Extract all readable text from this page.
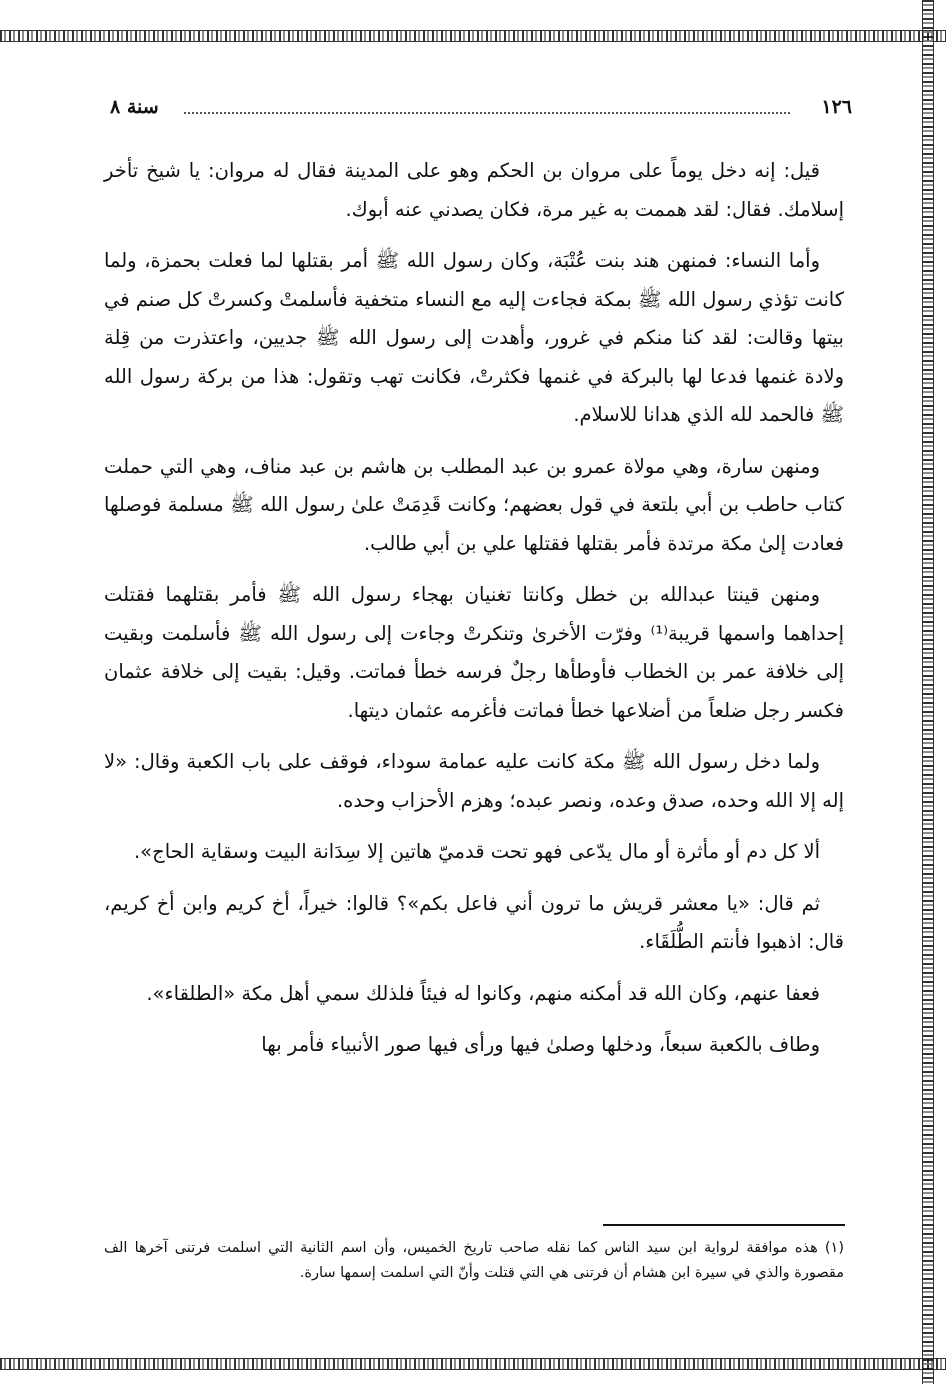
١٢٦
سنة ٨

قيل: إنه دخل يوماً على مروان بن الحكم وهو على المدينة فقال له مروان: يا شيخ تأخر إسلامك. فقال: لقد هممت به غير مرة، فكان يصدني عنه أبوك.

وأما النساء: فمنهن هند بنت عُتْبَة، وكان رسول الله ﷺ أمر بقتلها لما فعلت بحمزة، ولما كانت تؤذي رسول الله ﷺ بمكة فجاءت إليه مع النساء متخفية فأسلمتْ وكسرتْ كل صنم في بيتها وقالت: لقد كنا منكم في غرور، وأهدت إلى رسول الله ﷺ جديين، واعتذرت من قِلة ولادة غنمها فدعا لها بالبركة في غنمها فكثرتْ، فكانت تهب وتقول: هذا من بركة رسول الله ﷺ فالحمد لله الذي هدانا للاسلام.

ومنهن سارة، وهي مولاة عمرو بن عبد المطلب بن هاشم بن عبد مناف، وهي التي حملت كتاب حاطب بن أبي بلتعة في قول بعضهم؛ وكانت قَدِمَتْ علىٰ رسول الله ﷺ مسلمة فوصلها فعادت إلىٰ مكة مرتدة فأمر بقتلها فقتلها علي بن أبي طالب.

ومنهن قينتا عبدالله بن خطل وكانتا تغنيان بهجاء رسول الله ﷺ فأمر بقتلهما فقتلت إحداهما واسمها قريبة⁽¹⁾ وفرّت الأخرىٰ وتنكرتْ وجاءت إلى رسول الله ﷺ فأسلمت وبقيت إلى خلافة عمر بن الخطاب فأوطأها رجلٌ فرسه خطأ فماتت. وقيل: بقيت إلى خلافة عثمان فكسر رجل ضلعاً من أضلاعها خطأ فماتت فأغرمه عثمان ديتها.

ولما دخل رسول الله ﷺ مكة كانت عليه عمامة سوداء، فوقف على باب الكعبة وقال: «لا إله إلا الله وحده، صدق وعده، ونصر عبده؛ وهزم الأحزاب وحده.

ألا كل دم أو مأثرة أو مال يدّعى فهو تحت قدميّ هاتين إلا سِدَانة البيت وسقاية الحاج».

ثم قال: «يا معشر قريش ما ترون أني فاعل بكم»؟ قالوا: خيراً، أخ كريم وابن أخ كريم، قال: اذهبوا فأنتم الطُّلَقَاء.

فعفا عنهم، وكان الله قد أمكنه منهم، وكانوا له فيئاً فلذلك سمي أهل مكة «الطلقاء».

وطاف بالكعبة سبعاً، ودخلها وصلىٰ فيها ورأى فيها صور الأنبياء فأمر بها

(١) هذه موافقة لرواية ابن سيد الناس كما نقله صاحب تاريخ الخميس، وأن اسم الثانية التي اسلمت فرتنى آخرها الف مقصورة والذي في سيرة ابن هشام أن فرتنى هي التي قتلت وأنّ التي اسلمت إسمها سارة.
